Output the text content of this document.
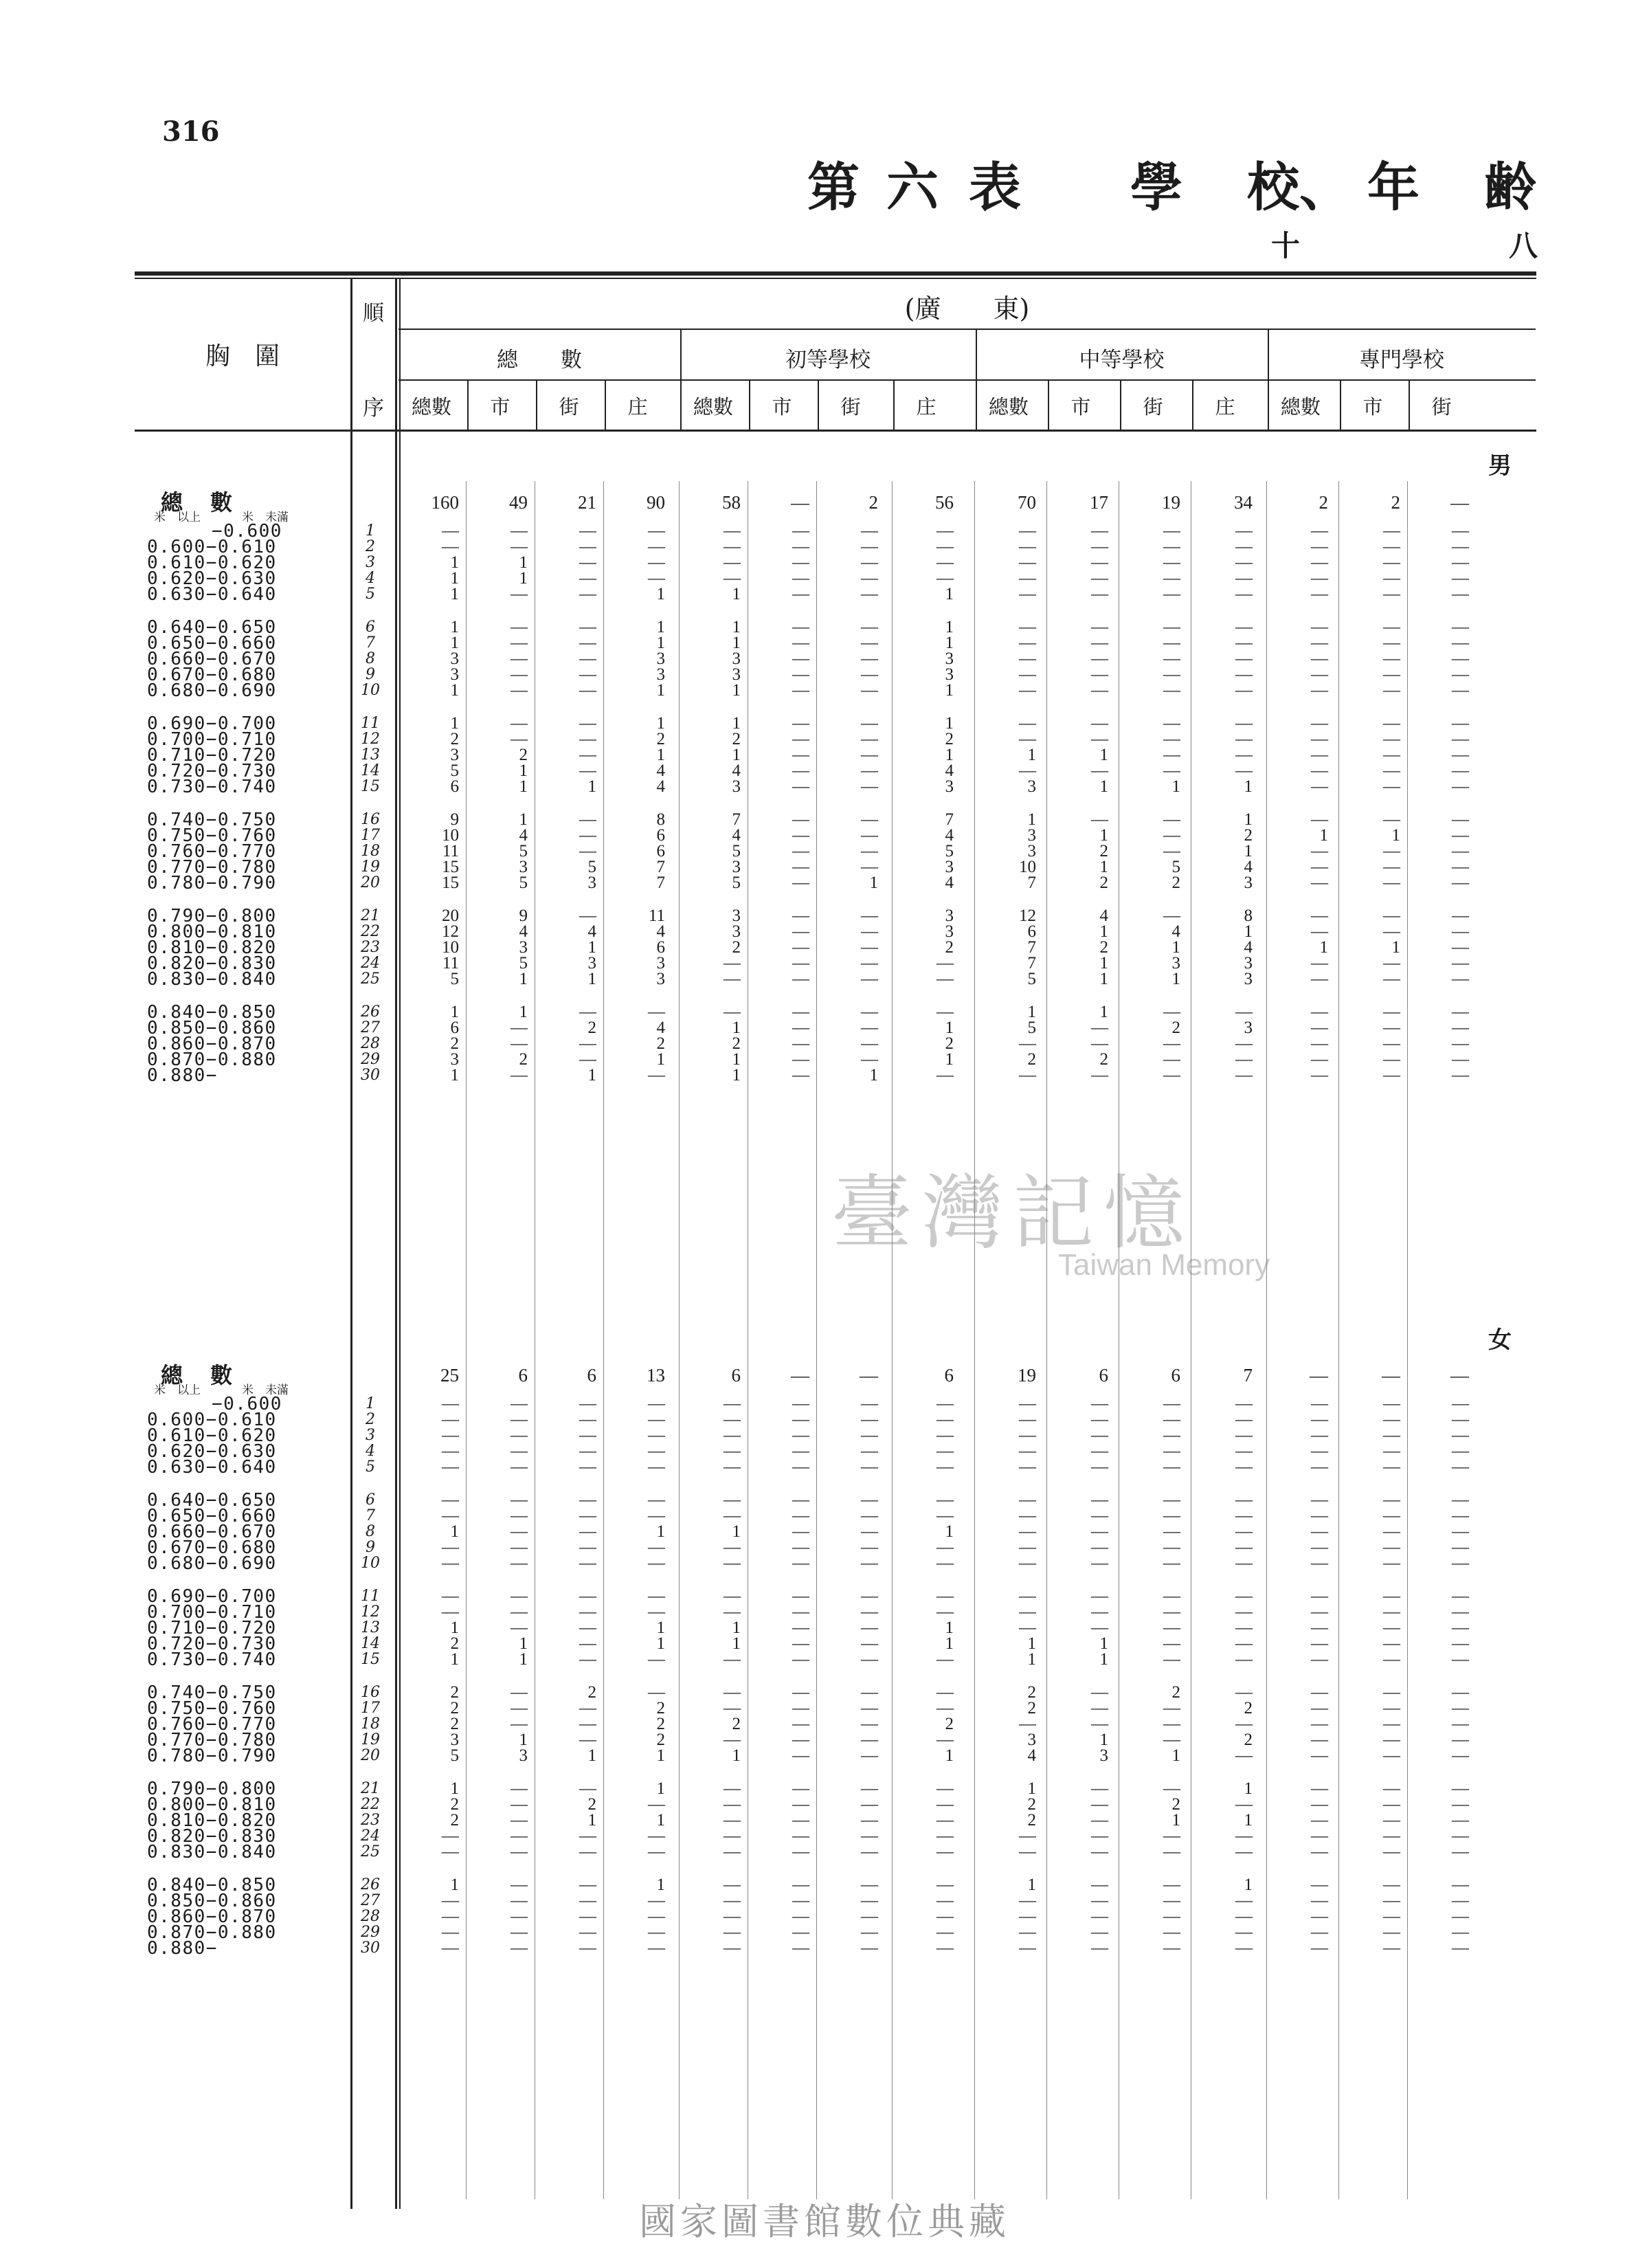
316
第 六 表 學 校、 年 齢
十	八
胸　圍
順
序
(廣　　東)
總　　數	初等學校	中等學校	專門學校
總數	市	街	庄	總數	市	街	庄	總數	市	街	庄	總數	市	街
男
總數	160	49	21	90	58	—	2	56	70	17	19	34	2	2	—
米　以上	米　未滿
−0.600	1	—	—	—	—	—	—	—	—	—	—	—	—	—	—	—
0.600−0.610	2	—	—	—	—	—	—	—	—	—	—	—	—	—	—	—
0.610−0.620	3	1	1	—	—	—	—	—	—	—	—	—	—	—	—	—
0.620−0.630	4	1	1	—	—	—	—	—	—	—	—	—	—	—	—	—
0.630−0.640	5	1	—	—	1	1	—	—	1	—	—	—	—	—	—	—
0.640−0.650	6	1	—	—	1	1	—	—	1	—	—	—	—	—	—	—
0.650−0.660	7	1	—	—	1	1	—	—	1	—	—	—	—	—	—	—
0.660−0.670	8	3	—	—	3	3	—	—	3	—	—	—	—	—	—	—
0.670−0.680	9	3	—	—	3	3	—	—	3	—	—	—	—	—	—	—
0.680−0.690	10	1	—	—	1	1	—	—	1	—	—	—	—	—	—	—
0.690−0.700	11	1	—	—	1	1	—	—	1	—	—	—	—	—	—	—
0.700−0.710	12	2	—	—	2	2	—	—	2	—	—	—	—	—	—	—
0.710−0.720	13	3	2	—	1	1	—	—	1	1	1	—	—	—	—	—
0.720−0.730	14	5	1	—	4	4	—	—	4	—	—	—	—	—	—	—
0.730−0.740	15	6	1	1	4	3	—	—	3	3	1	1	1	—	—	—
0.740−0.750	16	9	1	—	8	7	—	—	7	1	—	—	1	—	—	—
0.750−0.760	17	10	4	—	6	4	—	—	4	3	1	—	2	1	1	—
0.760−0.770	18	11	5	—	6	5	—	—	5	3	2	—	1	—	—	—
0.770−0.780	19	15	3	5	7	3	—	—	3	10	1	5	4	—	—	—
0.780−0.790	20	15	5	3	7	5	—	1	4	7	2	2	3	—	—	—
0.790−0.800	21	20	9	—	11	3	—	—	3	12	4	—	8	—	—	—
0.800−0.810	22	12	4	4	4	3	—	—	3	6	1	4	1	—	—	—
0.810−0.820	23	10	3	1	6	2	—	—	2	7	2	1	4	1	1	—
0.820−0.830	24	11	5	3	3	—	—	—	—	7	1	3	3	—	—	—
0.830−0.840	25	5	1	1	3	—	—	—	—	5	1	1	3	—	—	—
0.840−0.850	26	1	1	—	—	—	—	—	—	1	1	—	—	—	—	—
0.850−0.860	27	6	—	2	4	1	—	—	1	5	—	2	3	—	—	—
0.860−0.870	28	2	—	—	2	2	—	—	2	—	—	—	—	—	—	—
0.870−0.880	29	3	2	—	1	1	—	—	1	2	2	—	—	—	—	—
0.880−	30	1	—	1	—	1	—	1	—	—	—	—	—	—	—	—
女
總數	25	6	6	13	6	—	—	6	19	6	6	7	—	—	—
米　以上	米　未滿
−0.600	1	—	—	—	—	—	—	—	—	—	—	—	—	—	—	—
0.600−0.610	2	—	—	—	—	—	—	—	—	—	—	—	—	—	—	—
0.610−0.620	3	—	—	—	—	—	—	—	—	—	—	—	—	—	—	—
0.620−0.630	4	—	—	—	—	—	—	—	—	—	—	—	—	—	—	—
0.630−0.640	5	—	—	—	—	—	—	—	—	—	—	—	—	—	—	—
0.640−0.650	6	—	—	—	—	—	—	—	—	—	—	—	—	—	—	—
0.650−0.660	7	—	—	—	—	—	—	—	—	—	—	—	—	—	—	—
0.660−0.670	8	1	—	—	1	1	—	—	1	—	—	—	—	—	—	—
0.670−0.680	9	—	—	—	—	—	—	—	—	—	—	—	—	—	—	—
0.680−0.690	10	—	—	—	—	—	—	—	—	—	—	—	—	—	—	—
0.690−0.700	11	—	—	—	—	—	—	—	—	—	—	—	—	—	—	—
0.700−0.710	12	—	—	—	—	—	—	—	—	—	—	—	—	—	—	—
0.710−0.720	13	1	—	—	1	1	—	—	1	—	—	—	—	—	—	—
0.720−0.730	14	2	1	—	1	1	—	—	1	1	1	—	—	—	—	—
0.730−0.740	15	1	1	—	—	—	—	—	—	1	1	—	—	—	—	—
0.740−0.750	16	2	—	2	—	—	—	—	—	2	—	2	—	—	—	—
0.750−0.760	17	2	—	—	2	—	—	—	—	2	—	—	2	—	—	—
0.760−0.770	18	2	—	—	2	2	—	—	2	—	—	—	—	—	—	—
0.770−0.780	19	3	1	—	2	—	—	—	—	3	1	—	2	—	—	—
0.780−0.790	20	5	3	1	1	1	—	—	1	4	3	1	—	—	—	—
0.790−0.800	21	1	—	—	1	—	—	—	—	1	—	—	1	—	—	—
0.800−0.810	22	2	—	2	—	—	—	—	—	2	—	2	—	—	—	—
0.810−0.820	23	2	—	1	1	—	—	—	—	2	—	1	1	—	—	—
0.820−0.830	24	—	—	—	—	—	—	—	—	—	—	—	—	—	—	—
0.830−0.840	25	—	—	—	—	—	—	—	—	—	—	—	—	—	—	—
0.840−0.850	26	1	—	—	1	—	—	—	—	1	—	—	1	—	—	—
0.850−0.860	27	—	—	—	—	—	—	—	—	—	—	—	—	—	—	—
0.860−0.870	28	—	—	—	—	—	—	—	—	—	—	—	—	—	—	—
0.870−0.880	29	—	—	—	—	—	—	—	—	—	—	—	—	—	—	—
0.880−	30	—	—	—	—	—	—	—	—	—	—	—	—	—	—	—
臺灣記憶
Taiwan Memory
國家圖書館數位典藏
